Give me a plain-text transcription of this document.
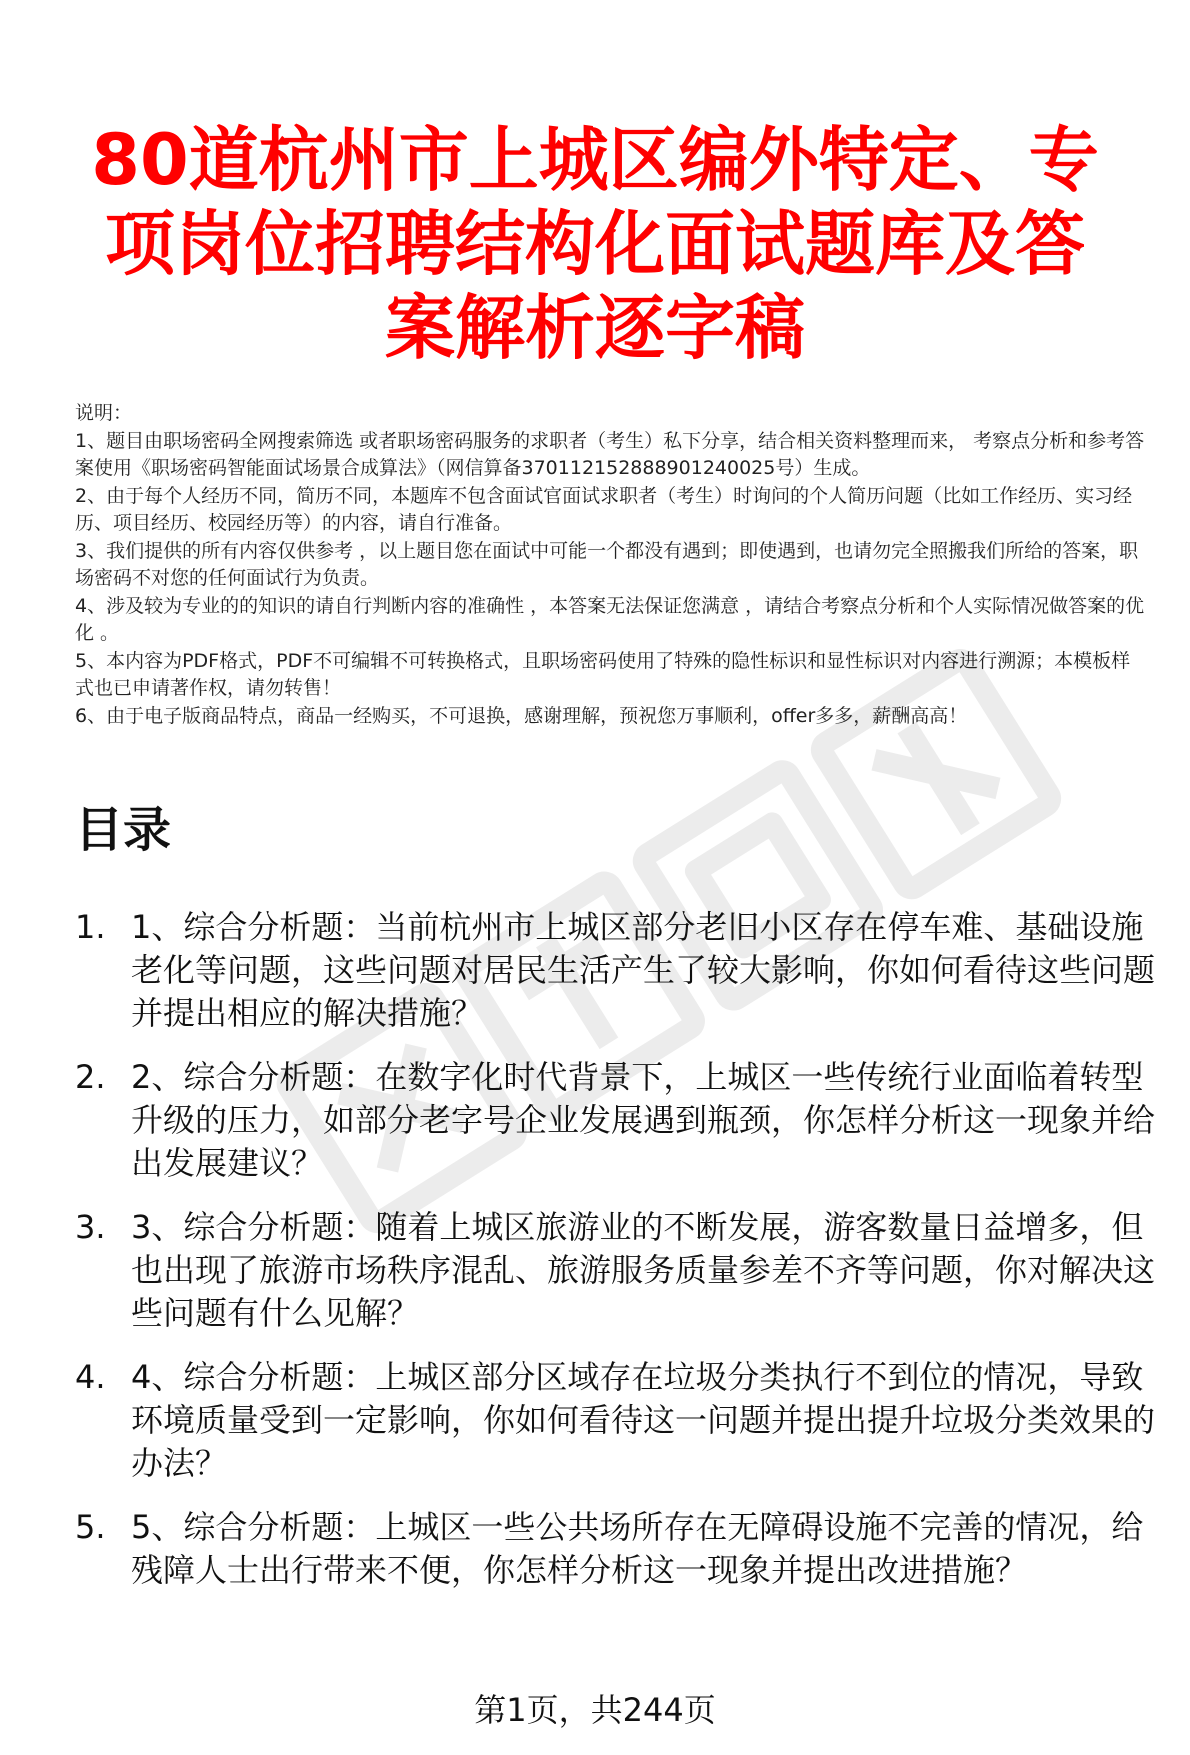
80道杭州市上城区编外特定、专项岗位招聘结构化面试题库及答案解析逐字稿

说明：

1、题目由职场密码全网搜索筛选 或者职场密码服务的求职者（考生）私下分享，结合相关资料整理而来， 考察点分析和参考答案使用《职场密码智能面试场景合成算法》（网信算备370112152888901240025号）生成。

2、由于每个人经历不同，简历不同，本题库不包含面试官面试求职者（考生）时询问的个人简历问题（比如工作经历、实习经历、项目经历、校园经历等）的内容，请自行准备。

3、我们提供的所有内容仅供参考 ，以上题目您在面试中可能一个都没有遇到；即使遇到，也请勿完全照搬我们所给的答案，职场密码不对您的任何面试行为负责。

4、涉及较为专业的的知识的请自行判断内容的准确性 ，本答案无法保证您满意 ，请结合考察点分析和个人实际情况做答案的优化 。

5、本内容为PDF格式，PDF不可编辑不可转换格式，且职场密码使用了特殊的隐性标识和显性标识对内容进行溯源；本模板样式也已申请著作权，请勿转售！

6、由于电子版商品特点，商品一经购买，不可退换，感谢理解，预祝您万事顺利，offer多多，薪酬高高！

目录
1. 1、综合分析题：当前杭州市上城区部分老旧小区存在停车难、基础设施老化等问题，这些问题对居民生活产生了较大影响，你如何看待这些问题并提出相应的解决措施？
2. 2、综合分析题：在数字化时代背景下，上城区一些传统行业面临着转型升级的压力，如部分老字号企业发展遇到瓶颈，你怎样分析这一现象并给出发展建议？
3. 3、综合分析题：随着上城区旅游业的不断发展，游客数量日益增多，但也出现了旅游市场秩序混乱、旅游服务质量参差不齐等问题，你对解决这些问题有什么见解？
4. 4、综合分析题：上城区部分区域存在垃圾分类执行不到位的情况，导致环境质量受到一定影响，你如何看待这一问题并提出提升垃圾分类效果的办法？
5. 5、综合分析题：上城区一些公共场所存在无障碍设施不完善的情况，给残障人士出行带来不便，你怎样分析这一现象并提出改进措施？
第1页，共244页
